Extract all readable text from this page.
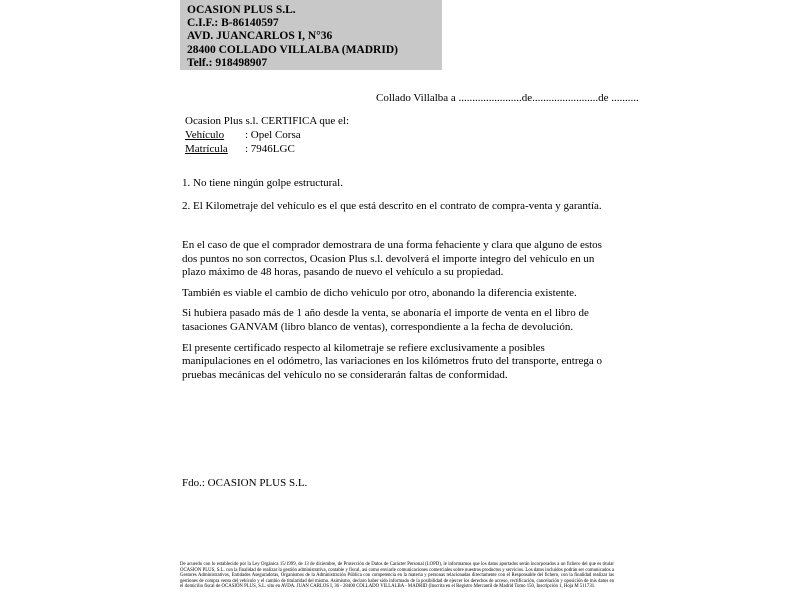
OCASION PLUS S.L.
C.I.F.: B-86140597
AVD. JUANCARLOS I, N°36
28400 COLLADO VILLALBA (MADRID)
Telf.: 918498907
Collado Villalba a .......................de........................de ..........
Ocasion Plus s.l. CERTIFICA que el:
Vehículo : Opel Corsa
Matrícula : 7946LGC
1. No tiene ningún golpe estructural.
2. El Kilometraje del vehículo es el que está descrito en el contrato de compra-venta y garantía.

En el caso de que el comprador demostrara de una forma fehaciente y clara que alguno de estos dos puntos no son correctos, Ocasion Plus s.l. devolverá el importe integro del vehículo en un plazo máximo de 48 horas, pasando de nuevo el vehículo a su propiedad.

También es viable el cambio de dicho vehiculo por otro, abonando la diferencia existente.

Si hubiera pasado más de 1 año desde la venta, se abonaría el importe de venta en el libro de tasaciones GANVAM (libro blanco de ventas), correspondiente a la fecha de devolución.

El presente certificado respecto al kilometraje se refiere exclusivamente a posibles manipulaciones en el odómetro, las variaciones en los kilómetros fruto del transporte, entrega o pruebas mecánicas del vehículo no se considerarán faltas de conformidad.

Fdo.: OCASION PLUS S.L.
De acuerdo con lo establecido por la Ley Orgánica 15/1999, de 13 de diciembre, de Protección de Datos de Carácter Personal (LOPD), le informamos que los datos aportados serán incorporados a un fichero del que es titular OCASION PLUS, S.L. con la finalidad de realizar la gestión administrativa, contable y fiscal, así como enviarle comunicaciones comerciales sobre nuestros productos y servicios. Los datos incluidos podrán ser comunicados a Gestores Administrativos, Entidades Aseguradoras, Organismos de la Administración Pública con competencia en la materia y personas relacionadas directamente con el Responsable del fichero, con la finalidad realizar las gestiones de compra venta del vehículo y el cambio de titularidad del mismo. Asimismo, declaro haber sido informado de la posibilidad de ejercer los derechos de acceso, rectificación, cancelación y oposición de mis datos en el domicilio fiscal de OCASIÓN PLUS, S.L. sito en AVDA. JUAN CARLOS I, 36 - 28400 COLLADO VILLALBA - MADRID (Inscrita en el Registro Mercantil de Madrid Tomo 150, Inscripción 1, Hoja M 511731.
